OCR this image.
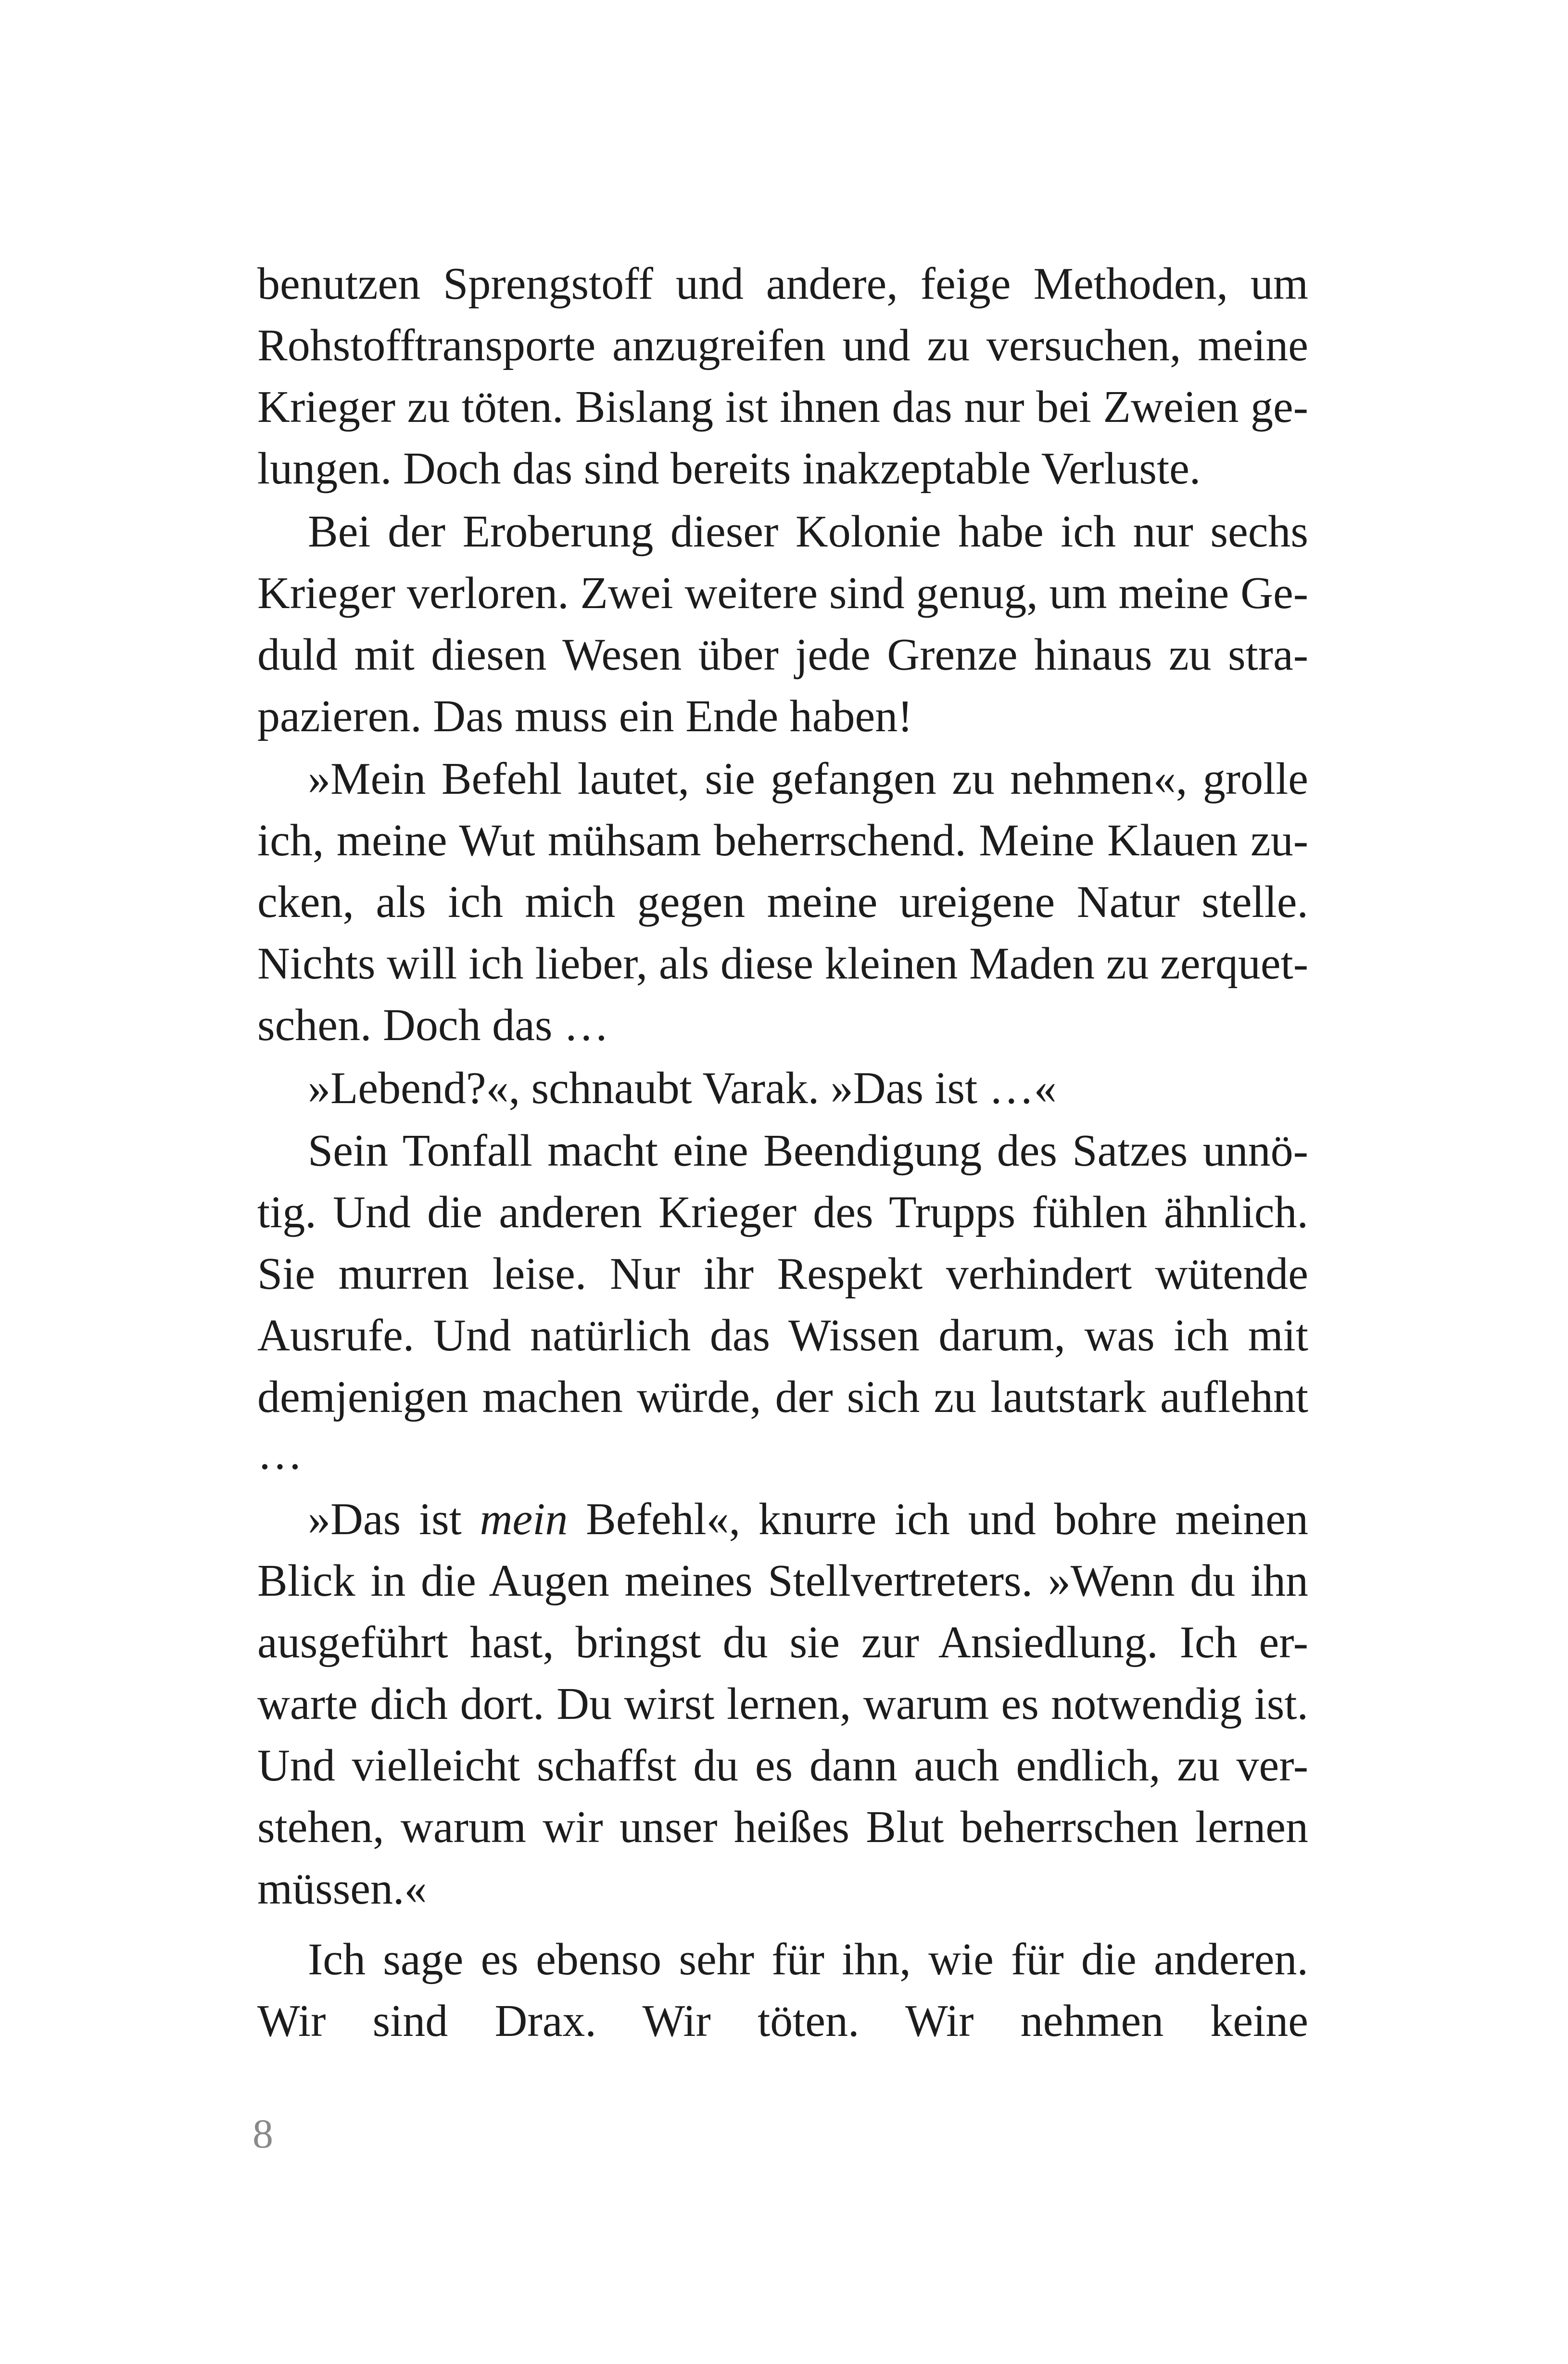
benutzen Sprengstoff und andere, feige Methoden, um
Rohstofftransporte anzugreifen und zu versuchen, meine
Krieger zu töten. Bislang ist ihnen das nur bei Zweien ge-
lungen. Doch das sind bereits inakzeptable Verluste.
Bei der Eroberung dieser Kolonie habe ich nur sechs
Krieger verloren. Zwei weitere sind genug, um meine Ge-
duld mit diesen Wesen über jede Grenze hinaus zu stra-
pazieren. Das muss ein Ende haben!
»Mein Befehl lautet, sie gefangen zu nehmen«, grolle
ich, meine Wut mühsam beherrschend. Meine Klauen zu-
cken, als ich mich gegen meine ureigene Natur stelle.
Nichts will ich lieber, als diese kleinen Maden zu zerquet-
schen. Doch das …
»Lebend?«, schnaubt Varak. »Das ist …«
Sein Tonfall macht eine Beendigung des Satzes unnö-
tig. Und die anderen Krieger des Trupps fühlen ähnlich.
Sie murren leise. Nur ihr Respekt verhindert wütende
Ausrufe. Und natürlich das Wissen darum, was ich mit
demjenigen machen würde, der sich zu lautstark auflehnt
…
»Das ist mein Befehl«, knurre ich und bohre meinen
Blick in die Augen meines Stellvertreters. »Wenn du ihn
ausgeführt hast, bringst du sie zur Ansiedlung. Ich er-
warte dich dort. Du wirst lernen, warum es notwendig ist.
Und vielleicht schaffst du es dann auch endlich, zu ver-
stehen, warum wir unser heißes Blut beherrschen lernen
müssen.«
Ich sage es ebenso sehr für ihn, wie für die anderen.
Wir sind Drax. Wir töten. Wir nehmen keine
8
